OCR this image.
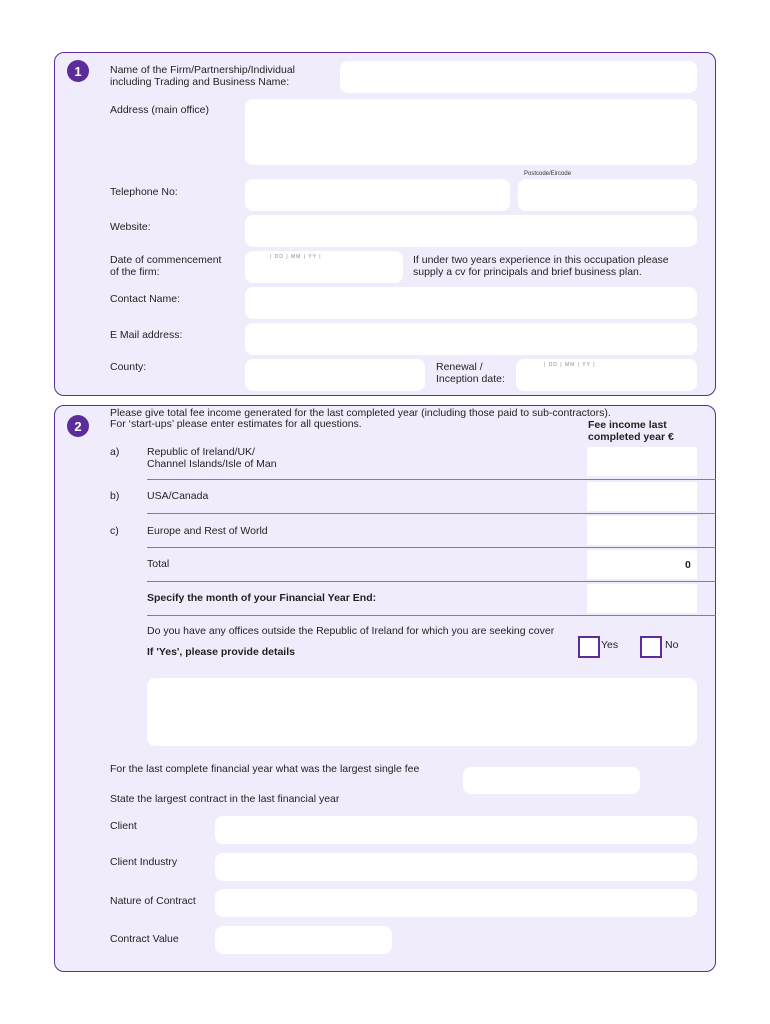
1	Name of the Firm/Partnership/Individual
including Trading and Business Name:
Address (main office)
Postcode/Eircode
Telephone No:
Website:
Date of commencement
of the firm:
| DD | MM | YY |	If under two years experience in this occupation please
supply a cv for principals and brief business plan.
Contact Name:
E Mail address:
County:	Renewal /
Inception date:
| DD | MM | YY |
2
Please give total fee income generated for the last completed year (including those paid to sub-contractors).
For ‘start-ups’ please enter estimates for all questions.	Fee income last
completed year €
a)	Republic of Ireland/UK/
Channel Islands/Isle of Man
b)	USA/Canada
c)	Europe and Rest of World
Total	0
Specify the month of your Financial Year End:
Do you have any offices outside the Republic of Ireland for which you are seeking cover
If 'Yes', please provide details
Yes	No
For the last complete financial year what was the largest single fee
State the largest contract in the last financial year
Client
Client Industry
Nature of Contract
Contract Value
